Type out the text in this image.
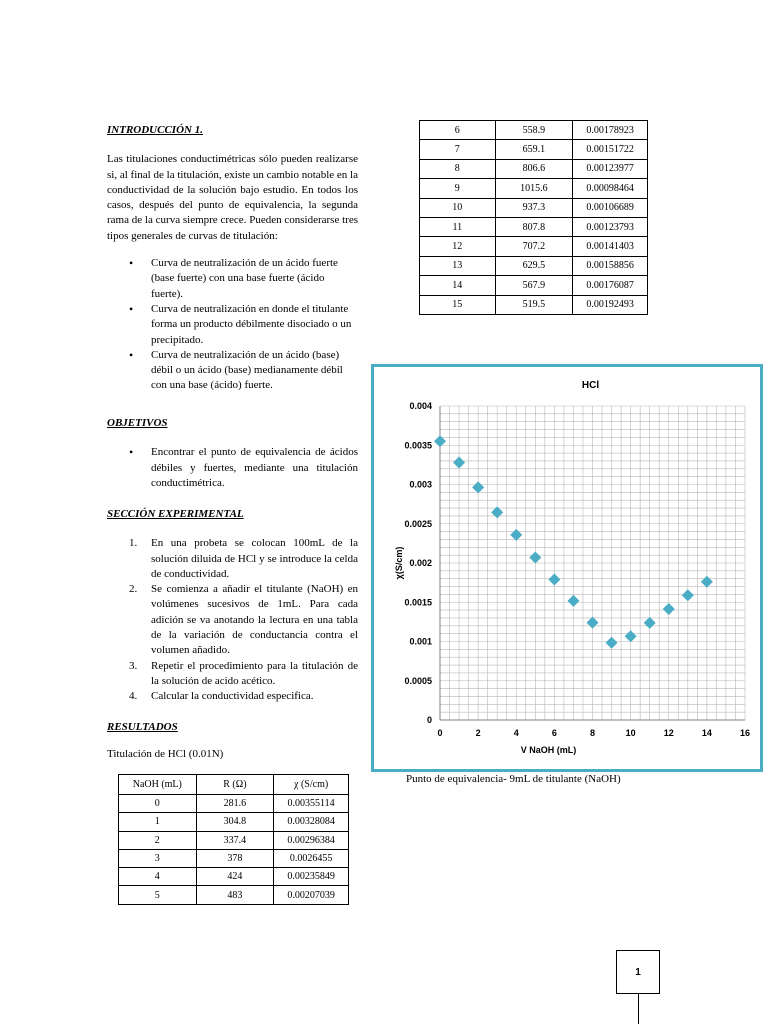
INTRODUCCIÓN 1.

Las titulaciones conductimétricas sólo pueden realizarse si, al final de la titulación, existe un cambio notable en la conductividad de la solución bajo estudio. En todos los casos, después del punto de equivalencia, la segunda rama de la curva siempre crece. Pueden considerarse tres tipos generales de curvas de titulación:

• Curva de neutralización de un ácido fuerte (base fuerte) con una base fuerte (ácido fuerte).
• Curva de neutralización en donde el titulante forma un producto débilmente disociado o un precipitado.
• Curva de neutralización de un ácido (base) débil o un ácido (base) medianamente débil con una base (ácido) fuerte.
OBJETIVOS
• Encontrar el punto de equivalencia de ácidos débiles y fuertes, mediante una titulación conductimétrica.
SECCIÓN EXPERIMENTAL
1. En una probeta se colocan 100mL de la solución diluida de HCl y se introduce la celda de conductividad.
2. Se comienza a añadir el titulante (NaOH) en volúmenes sucesivos de 1mL. Para cada adición se va anotando la lectura en una tabla de la variación de conductancia contra el volumen añadido.
3. Repetir el procedimiento para la titulación de la solución de acido acético.
4. Calcular la conductividad especifica.
RESULTADOS

Titulación de HCl (0.01N)

NaOH (mL)	R (Ω)	χ (S/cm)
0	281.6	0.00355114
1	304.8	0.00328084
2	337.4	0.00296384
3	378	0.0026455
4	424	0.00235849
5	483	0.00207039
6	558.9	0.00178923
7	659.1	0.00151722
8	806.6	0.00123977
9	1015.6	0.00098464
10	937.3	0.00106689
11	807.8	0.00123793
12	707.2	0.00141403
13	629.5	0.00158856
14	567.9	0.00176087
15	519.5	0.00192493
HCl
0	2	4	6	8	10	12	14	16
0
0.0005
0.001
0.0015
0.002
0.0025
0.003
0.0035
0.004
V NaOH (mL)
χ(S/cm)
Punto de equivalencia- 9mL de titulante (NaOH)
1
